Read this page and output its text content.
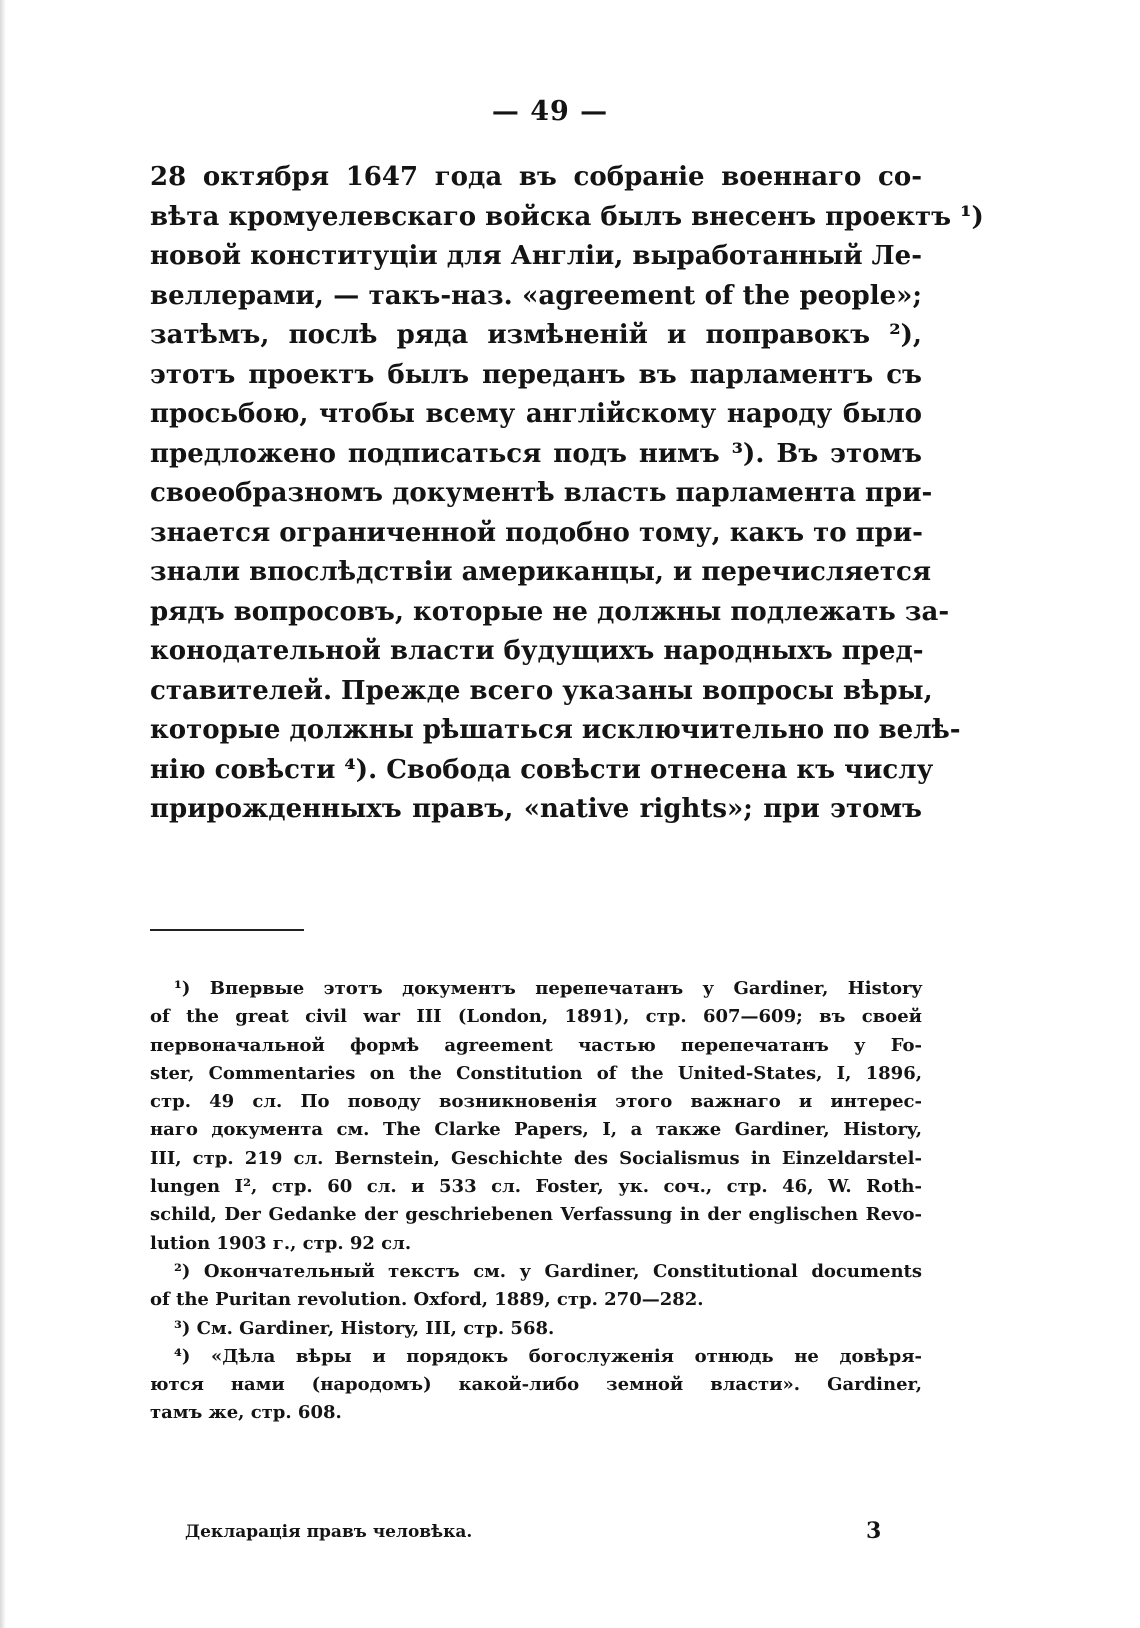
— 49 —
28 октября 1647 года въ собраніе военнаго со-
вѣта кромуелевскаго войска былъ внесенъ проектъ ¹)
новой конституціи для Англіи, выработанный Ле-
веллерами, — такъ-наз. «agreement of the people»;
затѣмъ, послѣ ряда измѣненій и поправокъ ²),
этотъ проектъ былъ переданъ въ парламентъ съ
просьбою, чтобы всему англійскому народу было
предложено подписаться подъ нимъ ³). Въ этомъ
своеобразномъ документѣ власть парламента при-
знается ограниченной подобно тому, какъ то при-
знали впослѣдствіи американцы, и перечисляется
рядъ вопросовъ, которые не должны подлежать за-
конодательной власти будущихъ народныхъ пред-
ставителей. Прежде всего указаны вопросы вѣры,
которые должны рѣшаться исключительно по велѣ-
нію совѣсти ⁴). Свобода совѣсти отнесена къ числу
прирожденныхъ правъ, «native rights»; при этомъ
¹) Впервые этотъ документъ перепечатанъ у Gardiner, History
of the great civil war III (London, 1891), стр. 607—609; въ своей
первоначальной формѣ agreement частью перепечатанъ у Fo-
ster, Commentaries on the Constitution of the United-States, I, 1896,
стр. 49 сл. По поводу возникновенія этого важнаго и интерес-
наго документа см. The Clarke Papers, I, а также Gardiner, History,
III, стр. 219 сл. Bernstein, Geschichte des Socialismus in Einzeldarstel-
lungen I², стр. 60 сл. и 533 сл. Foster, ук. соч., стр. 46, W. Roth-
schild, Der Gedanke der geschriebenen Verfassung in der englischen Revo-
lution 1903 г., стр. 92 сл.
²) Окончательный текстъ см. у Gardiner, Constitutional documents
of the Puritan revolution. Oxford, 1889, стр. 270—282.
³) См. Gardiner, History, III, стр. 568.
⁴) «Дѣла вѣры и порядокъ богослуженія отнюдь не довѣря-
ются нами (народомъ) какой-либо земной власти». Gardiner,
тамъ же, стр. 608.
Декларація правъ человѣка.	3
